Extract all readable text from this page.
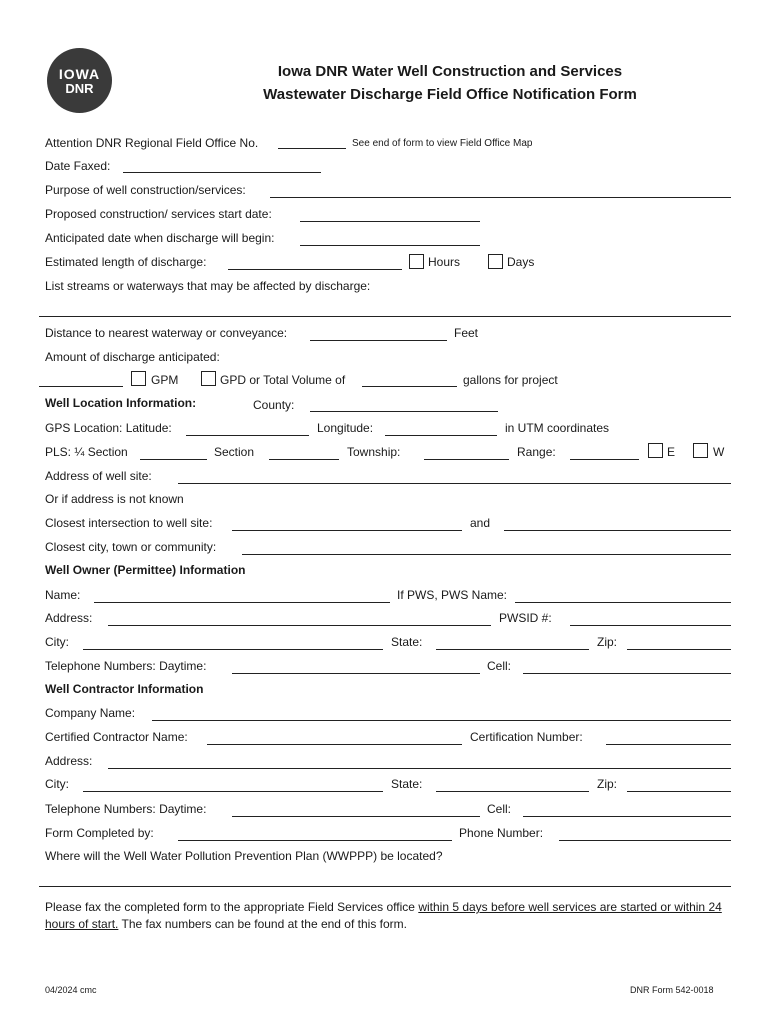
IOWA
DNR
Iowa DNR Water Well Construction and Services
Wastewater Discharge Field Office Notification Form
Attention DNR Regional Field Office No.	See end of form to view Field Office Map
Date Faxed:
Purpose of well construction/services:
Proposed construction/ services start date:
Anticipated date when discharge will begin:
Estimated length of discharge:	Hours	Days
List streams or waterways that may be affected by discharge:
Distance to nearest waterway or conveyance:	Feet
Amount of discharge anticipated:
GPM	GPD or Total Volume of	gallons for project
Well Location Information:	County:
GPS Location: Latitude:	Longitude:	in UTM coordinates
PLS: ¼ Section	Section	Township:	Range:	E	W
Address of well site:
Or if address is not known
Closest intersection to well site:	and
Closest city, town or community:
Well Owner (Permittee) Information
Name:	If PWS, PWS Name:
Address:	PWSID #:
City:	State:	Zip:
Telephone Numbers: Daytime:	Cell:
Well Contractor Information
Company Name:
Certified Contractor Name:	Certification Number:
Address:
City:	State:	Zip:
Telephone Numbers: Daytime:	Cell:
Form Completed by:	Phone Number:
Where will the Well Water Pollution Prevention Plan (WWPPP) be located?
Please fax the completed form to the appropriate Field Services office within 5 days before well services are started or within 24 hours of start. The fax numbers can be found at the end of this form.
04/2024 cmc	DNR Form 542-0018
